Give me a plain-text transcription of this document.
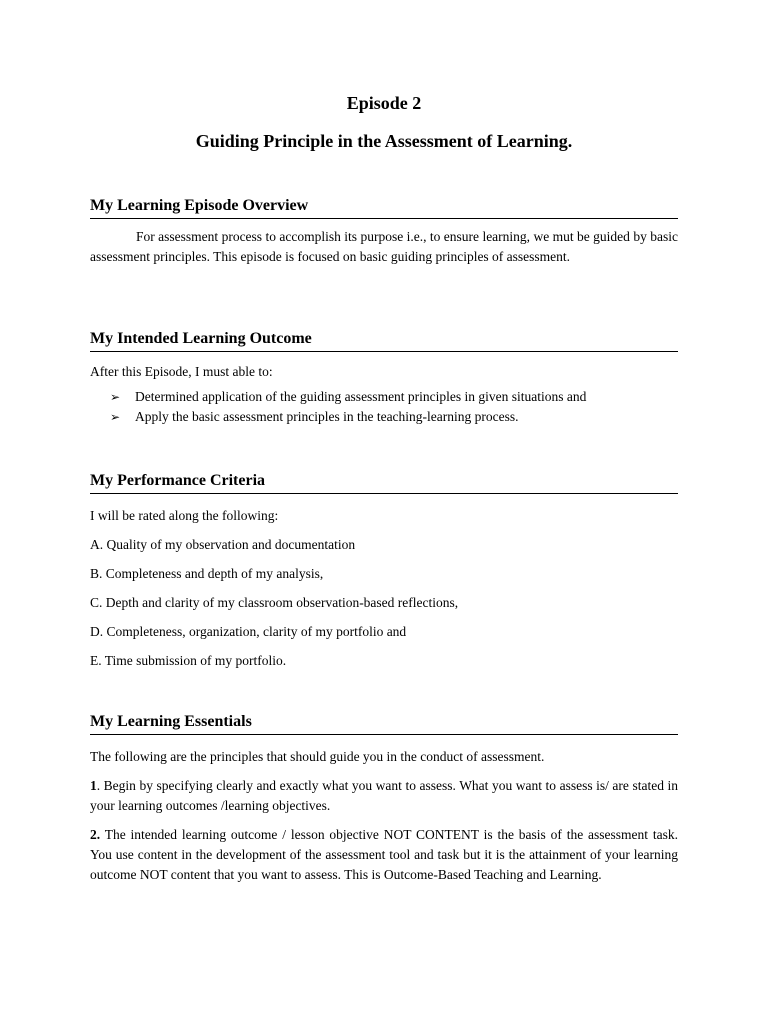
Episode 2
Guiding Principle in the Assessment of Learning.
My Learning Episode Overview
For assessment process to accomplish its purpose i.e., to ensure learning, we mut be guided by basic assessment principles. This episode is focused on basic guiding principles of assessment.
My Intended Learning Outcome
After this Episode, I must able to:
➢ Determined application of the guiding assessment principles in given situations and
➢ Apply the basic assessment principles in the teaching-learning process.
My Performance Criteria
I will be rated along the following:
A. Quality of my observation and documentation
B. Completeness and depth of my analysis,
C. Depth and clarity of my classroom observation-based reflections,
D. Completeness, organization, clarity of my portfolio and
E. Time submission of my portfolio.
My Learning Essentials
The following are the principles that should guide you in the conduct of assessment.
1. Begin by specifying clearly and exactly what you want to assess. What you want to assess is/ are stated in your learning outcomes /learning objectives.
2. The intended learning outcome / lesson objective NOT CONTENT is the basis of the assessment task. You use content in the development of the assessment tool and task but it is the attainment of your learning outcome NOT content that you want to assess. This is Outcome-Based Teaching and Learning.
